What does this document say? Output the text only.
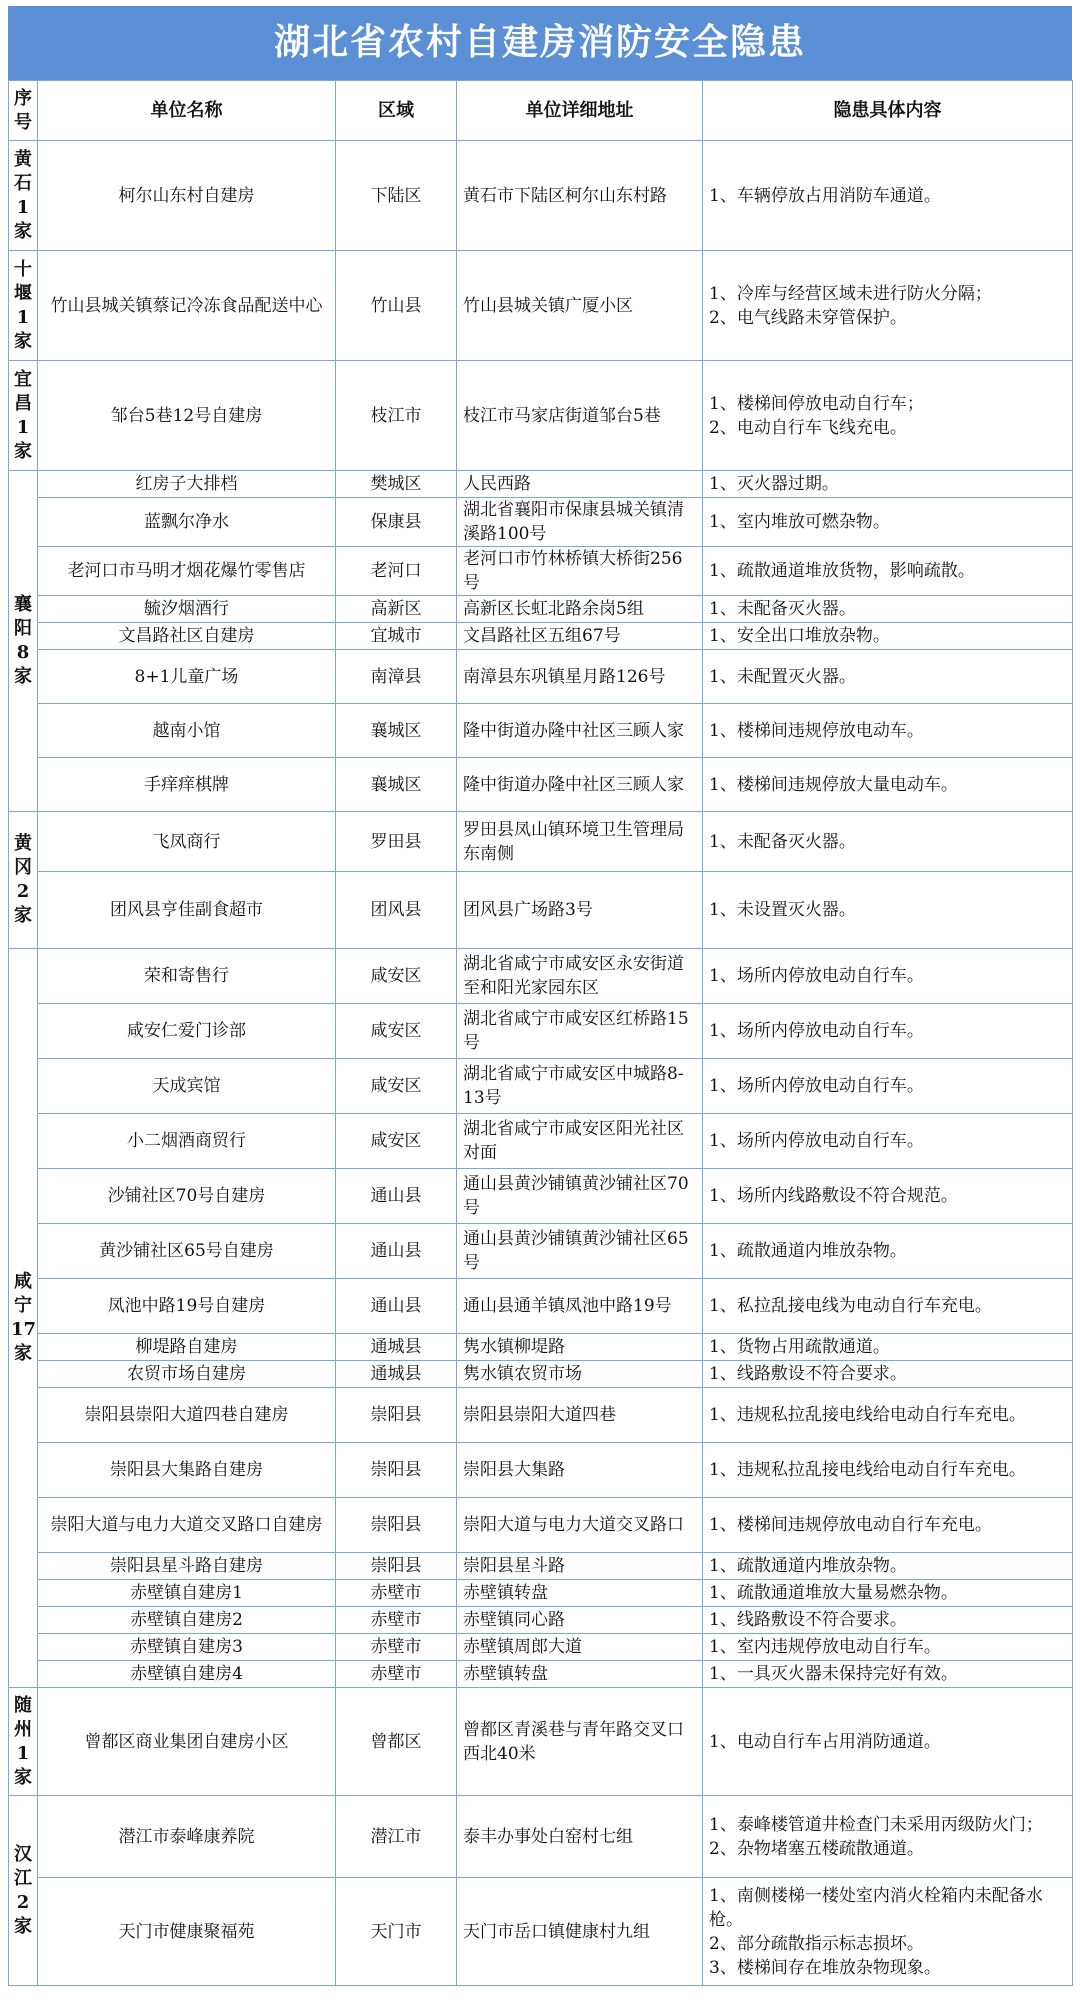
湖北省农村自建房消防安全隐患
序号	单位名称	区域	单位详细地址	隐患具体内容
黄石1家	柯尔山东村自建房	下陆区	黄石市下陆区柯尔山东村路	1、车辆停放占用消防车通道。

十堰1家	竹山县城关镇蔡记冷冻食品配送中心	竹山县	竹山县城关镇广厦小区	1、冷库与经营区域未进行防火分隔；
2、电气线路未穿管保护。

宜昌1家	邹台5巷12号自建房	枝江市	枝江市马家店街道邹台5巷	1、楼梯间停放电动自行车；
2、电动自行车飞线充电。

襄阳8家	红房子大排档	樊城区	人民西路	1、灭火器过期。

	蓝飘尔净水	保康县	湖北省襄阳市保康县城关镇清溪路100号	1、室内堆放可燃杂物。

	老河口市马明才烟花爆竹零售店	老河口	老河口市竹林桥镇大桥街256号	1、疏散通道堆放货物，影响疏散。

	毓汐烟酒行	高新区	高新区长虹北路余岗5组	1、未配备灭火器。

	文昌路社区自建房	宜城市	文昌路社区五组67号	1、安全出口堆放杂物。

	8+1儿童广场	南漳县	南漳县东巩镇星月路126号	1、未配置灭火器。

	越南小馆	襄城区	隆中街道办隆中社区三顾人家	1、楼梯间违规停放电动车。

	手痒痒棋牌	襄城区	隆中街道办隆中社区三顾人家	1、楼梯间违规停放大量电动车。

黄冈2家	飞凤商行	罗田县	罗田县凤山镇环境卫生管理局东南侧	1、未配备灭火器。

	团风县亨佳副食超市	团风县	团风县广场路3号	1、未设置灭火器。

咸宁17家	荣和寄售行	咸安区	湖北省咸宁市咸安区永安街道至和阳光家园东区	1、场所内停放电动自行车。

	咸安仁爱门诊部	咸安区	湖北省咸宁市咸安区红桥路15号	1、场所内停放电动自行车。

	天成宾馆	咸安区	湖北省咸宁市咸安区中城路8-13号	1、场所内停放电动自行车。

	小二烟酒商贸行	咸安区	湖北省咸宁市咸安区阳光社区对面	1、场所内停放电动自行车。

	沙铺社区70号自建房	通山县	通山县黄沙铺镇黄沙铺社区70号	1、场所内线路敷设不符合规范。

	黄沙铺社区65号自建房	通山县	通山县黄沙铺镇黄沙铺社区65号	1、疏散通道内堆放杂物。

	凤池中路19号自建房	通山县	通山县通羊镇凤池中路19号	1、私拉乱接电线为电动自行车充电。

	柳堤路自建房	通城县	隽水镇柳堤路	1、货物占用疏散通道。

	农贸市场自建房	通城县	隽水镇农贸市场	1、线路敷设不符合要求。

	崇阳县崇阳大道四巷自建房	崇阳县	崇阳县崇阳大道四巷	1、违规私拉乱接电线给电动自行车充电。

	崇阳县大集路自建房	崇阳县	崇阳县大集路	1、违规私拉乱接电线给电动自行车充电。

	崇阳大道与电力大道交叉路口自建房	崇阳县	崇阳大道与电力大道交叉路口	1、楼梯间违规停放电动自行车充电。

	崇阳县星斗路自建房	崇阳县	崇阳县星斗路	1、疏散通道内堆放杂物。

	赤壁镇自建房1	赤壁市	赤壁镇转盘	1、疏散通道堆放大量易燃杂物。

	赤壁镇自建房2	赤壁市	赤壁镇同心路	1、线路敷设不符合要求。

	赤壁镇自建房3	赤壁市	赤壁镇周郎大道	1、室内违规停放电动自行车。

	赤壁镇自建房4	赤壁市	赤壁镇转盘	1、一具灭火器未保持完好有效。

随州1家	曾都区商业集团自建房小区	曾都区	曾都区青溪巷与青年路交叉口西北40米	1、电动自行车占用消防通道。

汉江2家	潜江市泰峰康养院	潜江市	泰丰办事处白窑村七组	1、泰峰楼管道井检查门未采用丙级防火门；
2、杂物堵塞五楼疏散通道。

	天门市健康聚福苑	天门市	天门市岳口镇健康村九组	1、南侧楼梯一楼处室内消火栓箱内未配备水枪。
2、部分疏散指示标志损坏。
3、楼梯间存在堆放杂物现象。
